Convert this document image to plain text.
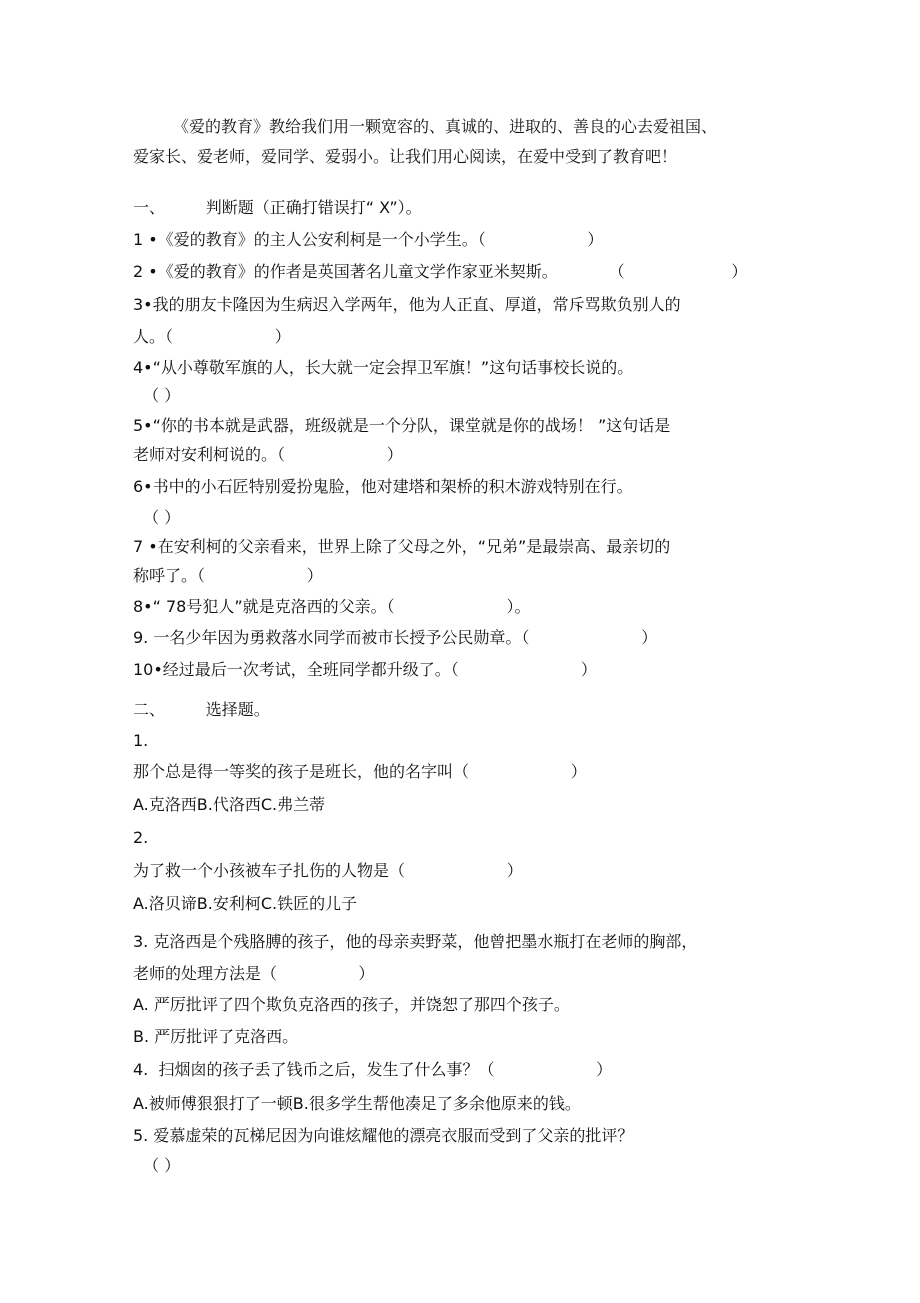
《爱的教育》教给我们用一颗宽容的、真诚的、进取的、善良的心去爱祖国、
爱家长、爱老师，爱同学、爱弱小。让我们用心阅读，在爱中受到了教育吧！
一、        判断题（正确打错误打“ X”）。
1 •《爱的教育》的主人公安利柯是一个小学生。（                    ）
2 •《爱的教育》的作者是英国著名儿童文学作家亚米契斯。          （                     ）
3•我的朋友卡隆因为生病迟入学两年，他为人正直、厚道，常斥骂欺负别人的
人。（                    ）
4•“从小尊敬军旗的人，长大就一定会捍卫军旗！”这句话事校长说的。
（ ）
5•“你的书本就是武器，班级就是一个分队，课堂就是你的战场！ ”这句话是
老师对安利柯说的。（                    ）
6•书中的小石匠特别爱扮鬼脸，他对建塔和架桥的积木游戏特别在行。
（ ）
7 •在安利柯的父亲看来，世界上除了父母之外，“兄弟”是最崇高、最亲切的
称呼了。（                    ）
8•“ 78号犯人”就是克洛西的父亲。（                      ）。
9. 一名少年因为勇救落水同学而被市长授予公民勋章。（                      ）
10•经过最后一次考试，全班同学都升级了。（                        ）
二、        选择题。
1.
那个总是得一等奖的孩子是班长，他的名字叫（                    ）
A.克洛西B.代洛西C.弗兰蒂
2.
为了救一个小孩被车子扎伤的人物是（                    ）
A.洛贝谛B.安利柯C.铁匠的儿子
3. 克洛西是个残胳膊的孩子，他的母亲卖野菜，他曾把墨水瓶打在老师的胸部，
老师的处理方法是（                ）
A. 严厉批评了四个欺负克洛西的孩子，并饶恕了那四个孩子。
B. 严厉批评了克洛西。
4.  扫烟囱的孩子丢了钱币之后，发生了什么事？（                    ）
A.被师傅狠狠打了一顿B.很多学生帮他凑足了多余他原来的钱。
5. 爱慕虚荣的瓦梯尼因为向谁炫耀他的漂亮衣服而受到了父亲的批评？
（ ）
